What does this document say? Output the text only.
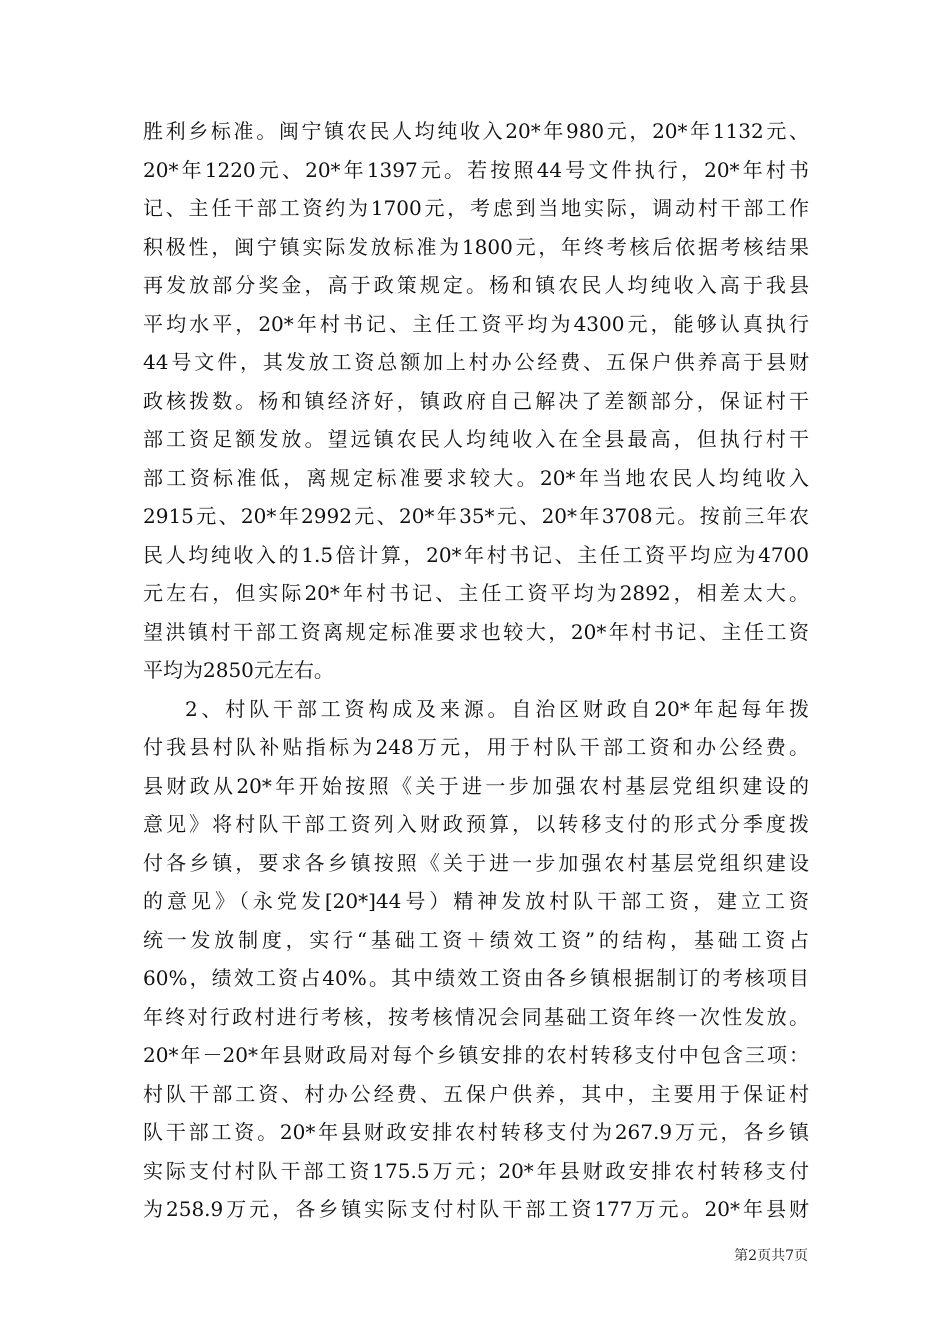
胜利乡标准。闽宁镇农民人均纯收入20*年980元，20*年1132元、
20*年1220元、20*年1397元。若按照44号文件执行，20*年村书
记、主任干部工资约为1700元，考虑到当地实际，调动村干部工作
积极性，闽宁镇实际发放标准为1800元，年终考核后依据考核结果
再发放部分奖金，高于政策规定。杨和镇农民人均纯收入高于我县
平均水平，20*年村书记、主任工资平均为4300元，能够认真执行
44号文件，其发放工资总额加上村办公经费、五保户供养高于县财
政核拨数。杨和镇经济好，镇政府自己解决了差额部分，保证村干
部工资足额发放。望远镇农民人均纯收入在全县最高，但执行村干
部工资标准低，离规定标准要求较大。20*年当地农民人均纯收入
2915元、20*年2992元、20*年35*元、20*年3708元。按前三年农
民人均纯收入的1.5倍计算，20*年村书记、主任工资平均应为4700
元左右，但实际20*年村书记、主任工资平均为2892，相差太大。
望洪镇村干部工资离规定标准要求也较大，20*年村书记、主任工资
平均为2850元左右。
2、村队干部工资构成及来源。自治区财政自20*年起每年拨
付我县村队补贴指标为248万元，用于村队干部工资和办公经费。
县财政从20*年开始按照《关于进一步加强农村基层党组织建设的
意见》将村队干部工资列入财政预算，以转移支付的形式分季度拨
付各乡镇，要求各乡镇按照《关于进一步加强农村基层党组织建设
的意见》（永党发[20*]44号）精神发放村队干部工资，建立工资
统一发放制度，实行“基础工资＋绩效工资”的结构，基础工资占
60%，绩效工资占40%。其中绩效工资由各乡镇根据制订的考核项目
年终对行政村进行考核，按考核情况会同基础工资年终一次性发放。
20*年－20*年县财政局对每个乡镇安排的农村转移支付中包含三项：
村队干部工资、村办公经费、五保户供养，其中，主要用于保证村
队干部工资。20*年县财政安排农村转移支付为267.9万元，各乡镇
实际支付村队干部工资175.5万元；20*年县财政安排农村转移支付
为258.9万元，各乡镇实际支付村队干部工资177万元。20*年县财
第2页共7页
